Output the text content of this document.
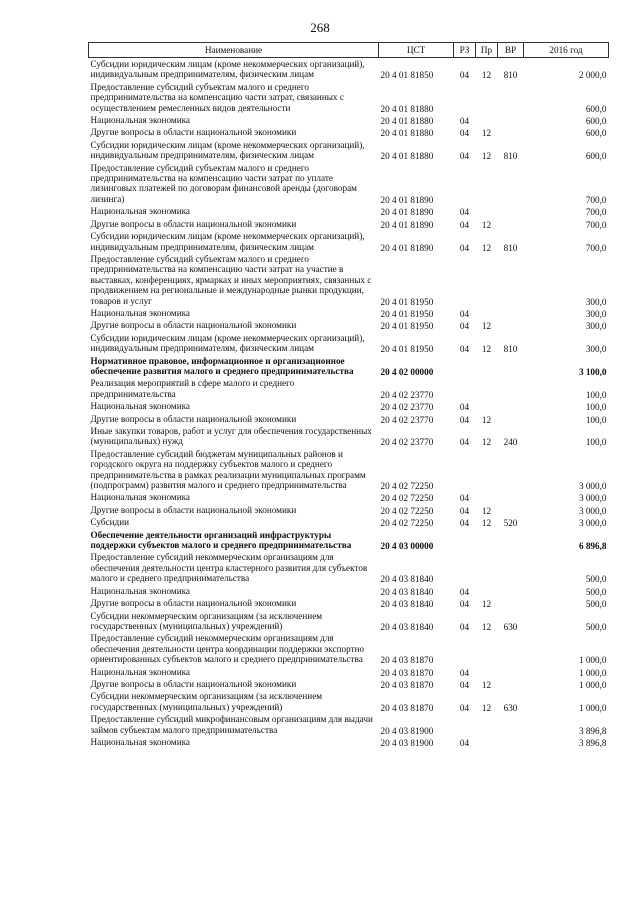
268
Наименование	ЦСТ	РЗ	Пр	ВР	2016 год
Субсидии юридическим лицам (кроме некоммерческих организаций), индивидуальным предпринимателям, физическим лицам	20 4 01 81850	04	12	810	2 000,0
Предоставление субсидий субъектам малого и среднего предпринимательства на компенсацию части затрат, связанных с осуществлением ремесленных видов деятельности	20 4 01 81880				600,0
Национальная экономика	20 4 01 81880	04			600,0
Другие вопросы в области национальной экономики	20 4 01 81880	04	12		600,0
Субсидии юридическим лицам (кроме некоммерческих организаций), индивидуальным предпринимателям, физическим лицам	20 4 01 81880	04	12	810	600,0
Предоставление субсидий субъектам малого и среднего предпринимательства на компенсацию части затрат по уплате лизинговых платежей по договорам финансовой аренды (договорам лизинга)	20 4 01 81890				700,0
Национальная экономика	20 4 01 81890	04			700,0
Другие вопросы в области национальной экономики	20 4 01 81890	04	12		700,0
Субсидии юридическим лицам (кроме некоммерческих организаций), индивидуальным предпринимателям, физическим лицам	20 4 01 81890	04	12	810	700,0
Предоставление субсидий субъектам малого и среднего предпринимательства на компенсацию части затрат на участие в выставках, конференциях, ярмарках и иных мероприятиях, связанных с продвижением на региональные и международные рынки продукции, товаров и услуг	20 4 01 81950				300,0
Национальная экономика	20 4 01 81950	04			300,0
Другие вопросы в области национальной экономики	20 4 01 81950	04	12		300,0
Субсидии юридическим лицам (кроме некоммерческих организаций), индивидуальным предпринимателям, физическим лицам	20 4 01 81950	04	12	810	300,0
Нормативное правовое, информационное и организационное обеспечение развития малого и среднего предпринимательства	20 4 02 00000				3 100,0
Реализация мероприятий в сфере малого и среднего предпринимательства	20 4 02 23770				100,0
Национальная экономика	20 4 02 23770	04			100,0
Другие вопросы в области национальной экономики	20 4 02 23770	04	12		100,0
Иные закупки товаров, работ и услуг для обеспечения государственных (муниципальных) нужд	20 4 02 23770	04	12	240	100,0
Предоставление субсидий бюджетам муниципальных районов и городского округа на поддержку субъектов малого и среднего предпринимательства в рамках реализации муниципальных программ (подпрограмм) развития малого и среднего предпринимательства	20 4 02 72250				3 000,0
Национальная экономика	20 4 02 72250	04			3 000,0
Другие вопросы в области национальной экономики	20 4 02 72250	04	12		3 000,0
Субсидии	20 4 02 72250	04	12	520	3 000,0
Обеспечение деятельности организаций инфраструктуры поддержки субъектов малого и среднего предпринимательства	20 4 03 00000				6 896,8
Предоставление субсидий некоммерческим организациям для обеспечения деятельности центра кластерного развития для субъектов малого и среднего предпринимательства	20 4 03 81840				500,0
Национальная экономика	20 4 03 81840	04			500,0
Другие вопросы в области национальной экономики	20 4 03 81840	04	12		500,0
Субсидии некоммерческим организациям (за исключением государственных (муниципальных) учреждений)	20 4 03 81840	04	12	630	500,0
Предоставление субсидий некоммерческим организациям для обеспечения деятельности центра координации поддержки экспортно ориентированных субъектов малого и среднего предпринимательства	20 4 03 81870				1 000,0
Национальная экономика	20 4 03 81870	04			1 000,0
Другие вопросы в области национальной экономики	20 4 03 81870	04	12		1 000,0
Субсидии некоммерческим организациям (за исключением государственных (муниципальных) учреждений)	20 4 03 81870	04	12	630	1 000,0
Предоставление субсидий микрофинансовым организациям для выдачи займов субъектам малого предпринимательства	20 4 03 81900				3 896,8
Национальная экономика	20 4 03 81900	04			3 896,8
